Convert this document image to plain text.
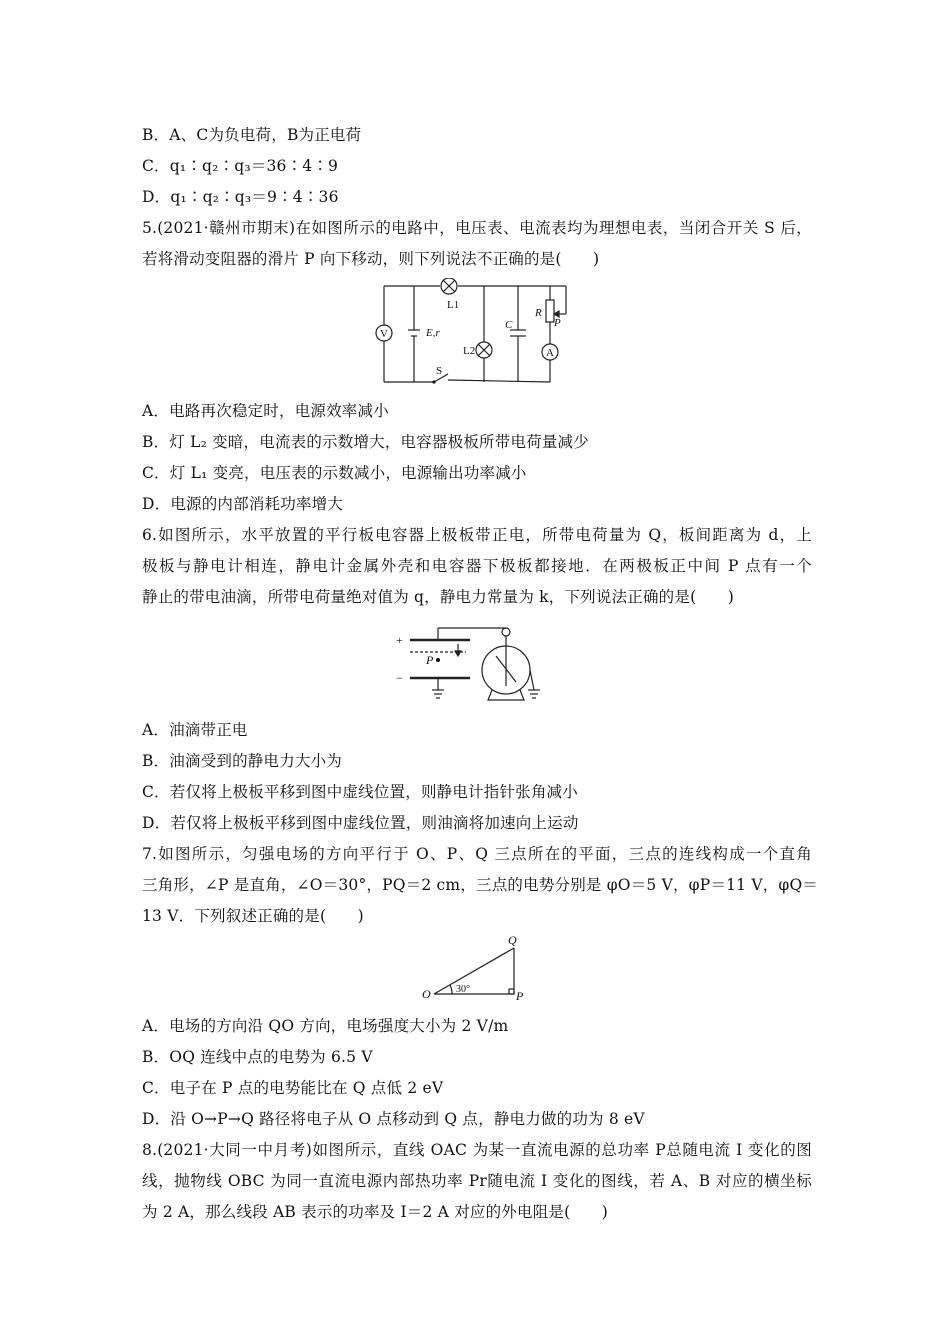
B．A、C为负电荷，B为正电荷
C．q₁∶q₂∶q₃＝36∶4∶9
D．q₁∶q₂∶q₃＝9∶4∶36
5.(2021·赣州市期末)在如图所示的电路中，电压表、电流表均为理想电表，当闭合开关 S 后，
若将滑动变阻器的滑片 P 向下移动，则下列说法不正确的是(　　)
V
A
E,r
L1
L2
C
R
P
S
A．电路再次稳定时，电源效率减小
B．灯 L₂ 变暗，电流表的示数增大，电容器极板所带电荷量减少
C．灯 L₁ 变亮，电压表的示数减小，电源输出功率减小
D．电源的内部消耗功率增大
6.如图所示，水平放置的平行板电容器上极板带正电，所带电荷量为 Q，板间距离为 d，上
极板与静电计相连，静电计金属外壳和电容器下极板都接地．在两极板正中间 P 点有一个
静止的带电油滴，所带电荷量绝对值为 q，静电力常量为 k，下列说法正确的是(　　)
+
−
P
A．油滴带正电
B．油滴受到的静电力大小为
C．若仅将上极板平移到图中虚线位置，则静电计指针张角减小
D．若仅将上极板平移到图中虚线位置，则油滴将加速向上运动
7.如图所示，匀强电场的方向平行于 O、P、Q 三点所在的平面，三点的连线构成一个直角
三角形，∠P 是直角，∠O＝30°，PQ＝2 cm，三点的电势分别是 φO＝5 V，φP＝11 V，φQ＝
13 V．下列叙述正确的是(　　)
O	P
Q
30°
A．电场的方向沿 QO 方向，电场强度大小为 2 V/m
B．OQ 连线中点的电势为 6.5 V
C．电子在 P 点的电势能比在 Q 点低 2 eV
D．沿 O→P→Q 路径将电子从 O 点移动到 Q 点，静电力做的功为 8 eV
8.(2021·大同一中月考)如图所示，直线 OAC 为某一直流电源的总功率 P总随电流 I 变化的图
线，抛物线 OBC 为同一直流电源内部热功率 Pr随电流 I 变化的图线，若 A、B 对应的横坐标
为 2 A，那么线段 AB 表示的功率及 I＝2 A 对应的外电阻是(　　)
